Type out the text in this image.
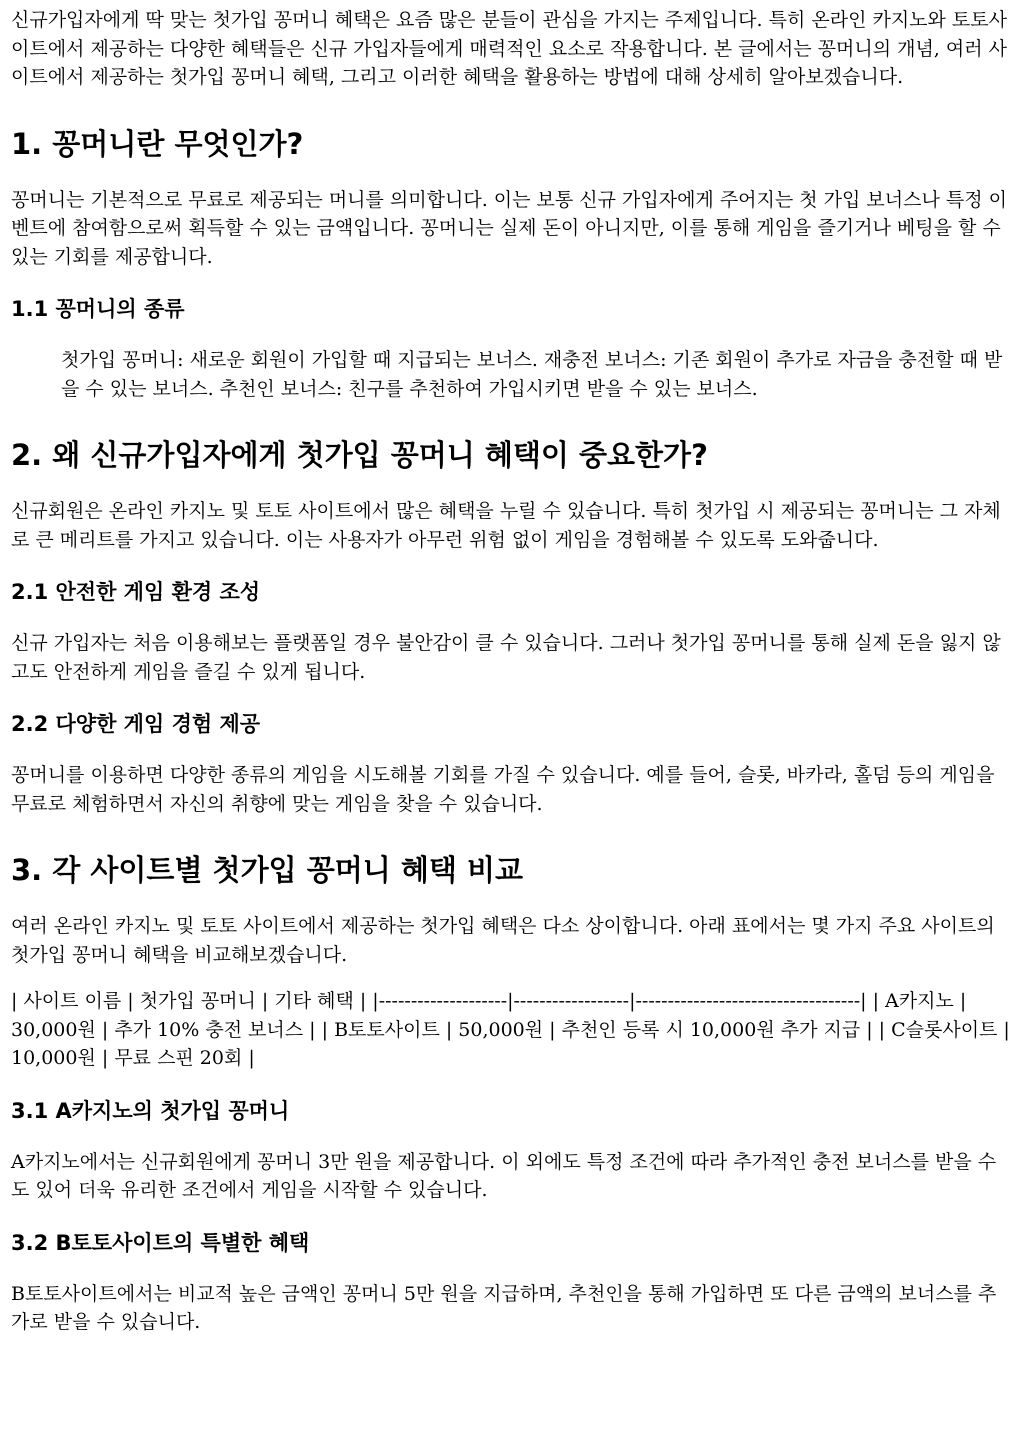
신규가입자에게 딱 맞는 첫가입 꽁머니 혜택은 요즘 많은 분들이 관심을 가지는 주제입니다. 특히 온라인 카지노와 토토사이트에서 제공하는 다양한 혜택들은 신규 가입자들에게 매력적인 요소로 작용합니다. 본 글에서는 꽁머니의 개념, 여러 사이트에서 제공하는 첫가입 꽁머니 혜택, 그리고 이러한 혜택을 활용하는 방법에 대해 상세히 알아보겠습니다.

1. 꽁머니란 무엇인가?

꽁머니는 기본적으로 무료로 제공되는 머니를 의미합니다. 이는 보통 신규 가입자에게 주어지는 첫 가입 보너스나 특정 이벤트에 참여함으로써 획득할 수 있는 금액입니다. 꽁머니는 실제 돈이 아니지만, 이를 통해 게임을 즐기거나 베팅을 할 수 있는 기회를 제공합니다.

1.1 꽁머니의 종류
첫가입 꽁머니: 새로운 회원이 가입할 때 지급되는 보너스. 재충전 보너스: 기존 회원이 추가로 자금을 충전할 때 받을 수 있는 보너스. 추천인 보너스: 친구를 추천하여 가입시키면 받을 수 있는 보너스.
2. 왜 신규가입자에게 첫가입 꽁머니 혜택이 중요한가?

신규회원은 온라인 카지노 및 토토 사이트에서 많은 혜택을 누릴 수 있습니다. 특히 첫가입 시 제공되는 꽁머니는 그 자체로 큰 메리트를 가지고 있습니다. 이는 사용자가 아무런 위험 없이 게임을 경험해볼 수 있도록 도와줍니다.

2.1 안전한 게임 환경 조성

신규 가입자는 처음 이용해보는 플랫폼일 경우 불안감이 클 수 있습니다. 그러나 첫가입 꽁머니를 통해 실제 돈을 잃지 않고도 안전하게 게임을 즐길 수 있게 됩니다.

2.2 다양한 게임 경험 제공

꽁머니를 이용하면 다양한 종류의 게임을 시도해볼 기회를 가질 수 있습니다. 예를 들어, 슬롯, 바카라, 홀덤 등의 게임을 무료로 체험하면서 자신의 취향에 맞는 게임을 찾을 수 있습니다.

3. 각 사이트별 첫가입 꽁머니 혜택 비교

여러 온라인 카지노 및 토토 사이트에서 제공하는 첫가입 혜택은 다소 상이합니다. 아래 표에서는 몇 가지 주요 사이트의 첫가입 꽁머니 혜택을 비교해보겠습니다.

| 사이트 이름 | 첫가입 꽁머니 | 기타 혜택 | |--------------------|------------------|-----------------------------------| | A카지노 | 30,000원 | 추가 10% 충전 보너스 | | B토토사이트 | 50,000원 | 추천인 등록 시 10,000원 추가 지급 | | C슬롯사이트 | 10,000원 | 무료 스핀 20회 |

3.1 A카지노의 첫가입 꽁머니

A카지노에서는 신규회원에게 꽁머니 3만 원을 제공합니다. 이 외에도 특정 조건에 따라 추가적인 충전 보너스를 받을 수도 있어 더욱 유리한 조건에서 게임을 시작할 수 있습니다.

3.2 B토토사이트의 특별한 혜택

B토토사이트에서는 비교적 높은 금액인 꽁머니 5만 원을 지급하며, 추천인을 통해 가입하면 또 다른 금액의 보너스를 추가로 받을 수 있습니다.
